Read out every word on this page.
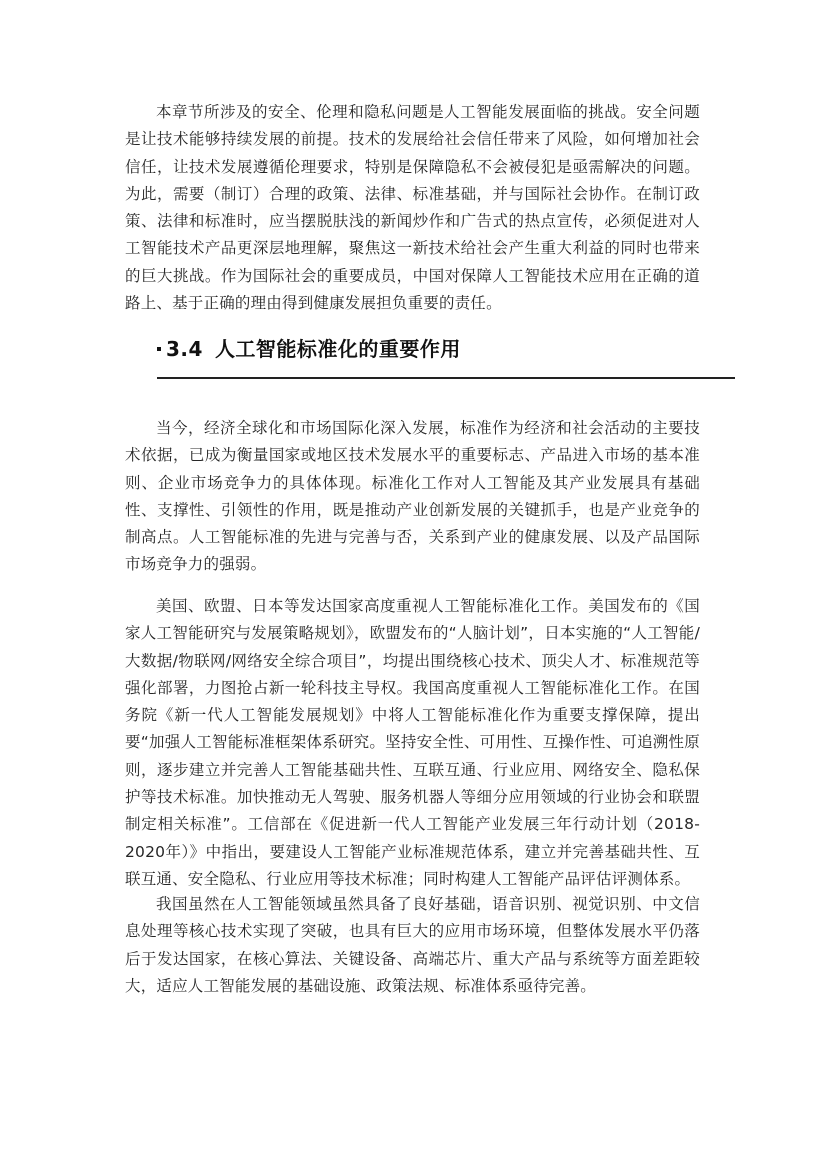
本章节所涉及的安全、伦理和隐私问题是人工智能发展面临的挑战。安全问题是让技术能够持续发展的前提。技术的发展给社会信任带来了风险，如何增加社会信任，让技术发展遵循伦理要求，特别是保障隐私不会被侵犯是亟需解决的问题。为此，需要（制订）合理的政策、法律、标准基础，并与国际社会协作。在制订政策、法律和标准时，应当摆脱肤浅的新闻炒作和广告式的热点宣传，必须促进对人工智能技术产品更深层地理解，聚焦这一新技术给社会产生重大利益的同时也带来的巨大挑战。作为国际社会的重要成员，中国对保障人工智能技术应用在正确的道路上、基于正确的理由得到健康发展担负重要的责任。

3.4 人工智能标准化的重要作用

当今，经济全球化和市场国际化深入发展，标准作为经济和社会活动的主要技术依据，已成为衡量国家或地区技术发展水平的重要标志、产品进入市场的基本准则、企业市场竞争力的具体体现。标准化工作对人工智能及其产业发展具有基础性、支撑性、引领性的作用，既是推动产业创新发展的关键抓手，也是产业竞争的制高点。人工智能标准的先进与完善与否，关系到产业的健康发展、以及产品国际市场竞争力的强弱。

美国、欧盟、日本等发达国家高度重视人工智能标准化工作。美国发布的《国家人工智能研究与发展策略规划》，欧盟发布的“人脑计划”，日本实施的“人工智能/大数据/物联网/网络安全综合项目”，均提出围绕核心技术、顶尖人才、标准规范等强化部署，力图抢占新一轮科技主导权。我国高度重视人工智能标准化工作。在国务院《新一代人工智能发展规划》中将人工智能标准化作为重要支撑保障，提出要“加强人工智能标准框架体系研究。坚持安全性、可用性、互操作性、可追溯性原则，逐步建立并完善人工智能基础共性、互联互通、行业应用、网络安全、隐私保护等技术标准。加快推动无人驾驶、服务机器人等细分应用领域的行业协会和联盟制定相关标准”。工信部在《促进新一代人工智能产业发展三年行动计划（2018-2020年）》中指出，要建设人工智能产业标准规范体系，建立并完善基础共性、互联互通、安全隐私、行业应用等技术标准；同时构建人工智能产品评估评测体系。

我国虽然在人工智能领域虽然具备了良好基础，语音识别、视觉识别、中文信息处理等核心技术实现了突破，也具有巨大的应用市场环境，但整体发展水平仍落后于发达国家，在核心算法、关键设备、高端芯片、重大产品与系统等方面差距较大，适应人工智能发展的基础设施、政策法规、标准体系亟待完善。
